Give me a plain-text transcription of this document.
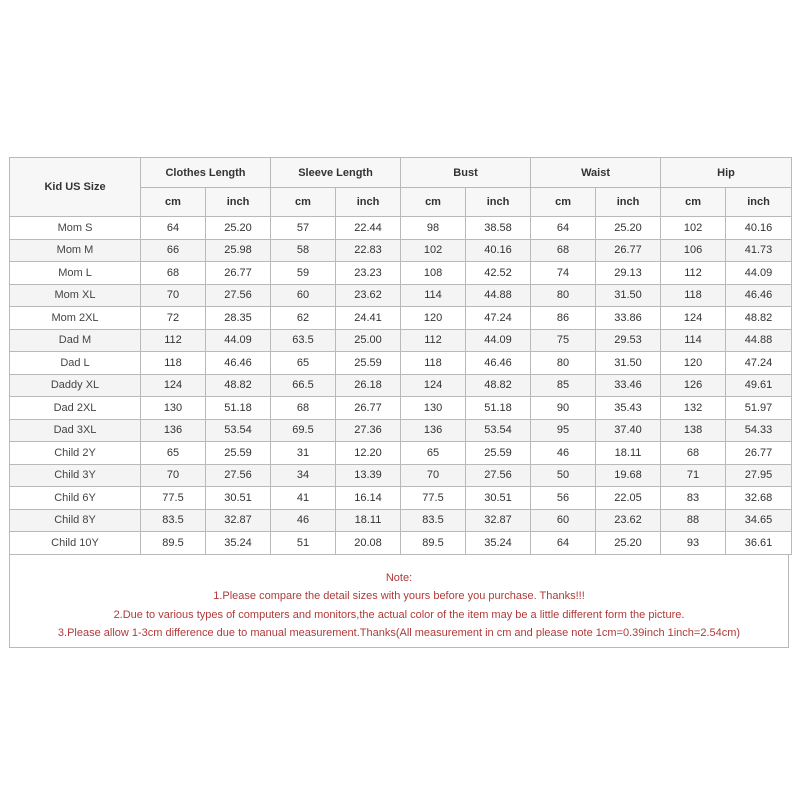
Kid US Size	Clothes Length		Sleeve Length		Bust		Waist		Hip	
	cm	inch	cm	inch	cm	inch	cm	inch	cm	inch
Mom S	64	25.20	57	22.44	98	38.58	64	25.20	102	40.16
Mom M	66	25.98	58	22.83	102	40.16	68	26.77	106	41.73
Mom L	68	26.77	59	23.23	108	42.52	74	29.13	112	44.09
Mom XL	70	27.56	60	23.62	114	44.88	80	31.50	118	46.46
Mom 2XL	72	28.35	62	24.41	120	47.24	86	33.86	124	48.82
Dad M	112	44.09	63.5	25.00	112	44.09	75	29.53	114	44.88
Dad L	118	46.46	65	25.59	118	46.46	80	31.50	120	47.24
Daddy XL	124	48.82	66.5	26.18	124	48.82	85	33.46	126	49.61
Dad 2XL	130	51.18	68	26.77	130	51.18	90	35.43	132	51.97
Dad 3XL	136	53.54	69.5	27.36	136	53.54	95	37.40	138	54.33
Child 2Y	65	25.59	31	12.20	65	25.59	46	18.11	68	26.77
Child 3Y	70	27.56	34	13.39	70	27.56	50	19.68	71	27.95
Child 6Y	77.5	30.51	41	16.14	77.5	30.51	56	22.05	83	32.68
Child 8Y	83.5	32.87	46	18.11	83.5	32.87	60	23.62	88	34.65
Child 10Y	89.5	35.24	51	20.08	89.5	35.24	64	25.20	93	36.61
Note:
1.Please compare the detail sizes with yours before you purchase. Thanks!!!
2.Due to various types of computers and monitors,the actual color of the item may be a little different form the picture.
3.Please allow 1-3cm difference due to manual measurement.Thanks(All measurement in cm and please note 1cm=0.39inch 1inch=2.54cm)
